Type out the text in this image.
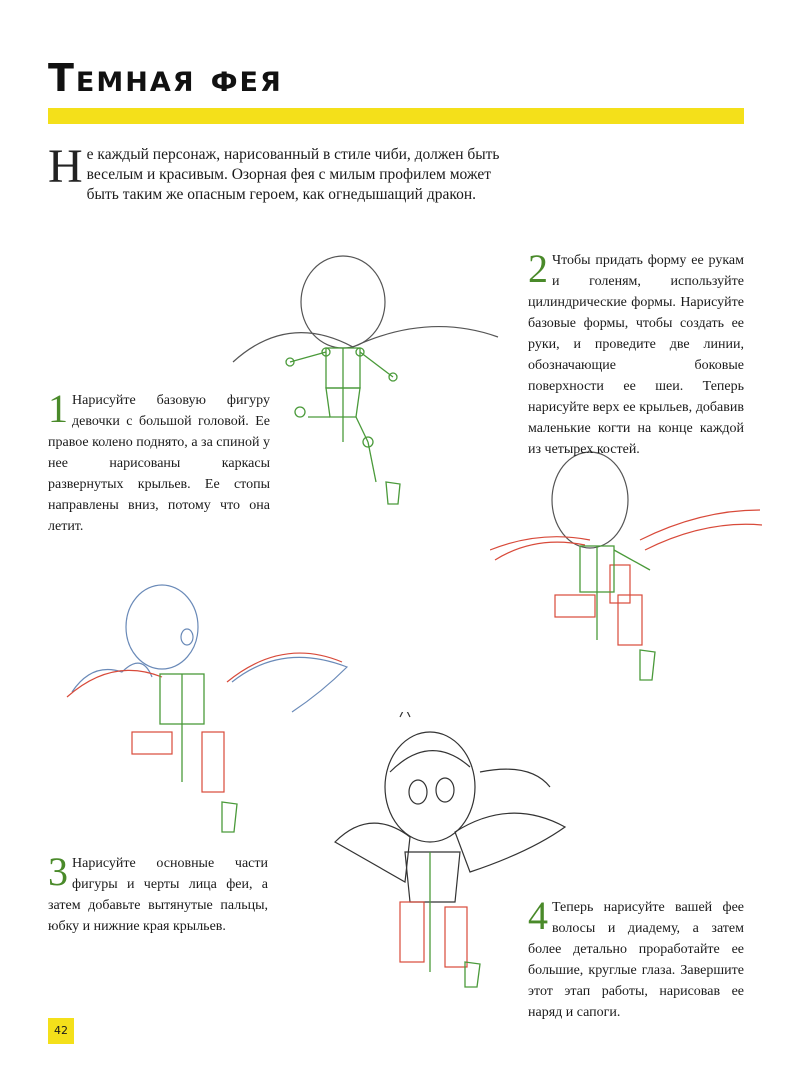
Темная фея
Н е каждый персонаж, нарисованный в стиле чиби, должен быть веселым и красивым. Озорная фея с милым профилем может быть таким же опасным героем, как огнедышащий дракон.
1 Нарисуйте базовую фигуру девочки с большой головой. Ее правое колено поднято, а за спиной у нее нарисованы каркасы развернутых крыльев. Ее стопы направлены вниз, потому что она летит.
2 Чтобы придать форму ее рукам и голеням, используйте цилиндрические формы. Нарисуйте базовые формы, чтобы создать ее руки, и проведите две линии, обозначающие боковые поверхности ее шеи. Теперь нарисуйте верх ее крыльев, добавив маленькие когти на конце каждой из четырех костей.
3 Нарисуйте основные части фигуры и черты лица феи, а затем добавьте вытянутые пальцы, юбку и нижние края крыльев.	4 Теперь нарисуйте вашей фее волосы и диадему, а затем более детально проработайте ее большие, круглые глаза. Завершите этот этап работы, нарисовав ее наряд и сапоги.
42
